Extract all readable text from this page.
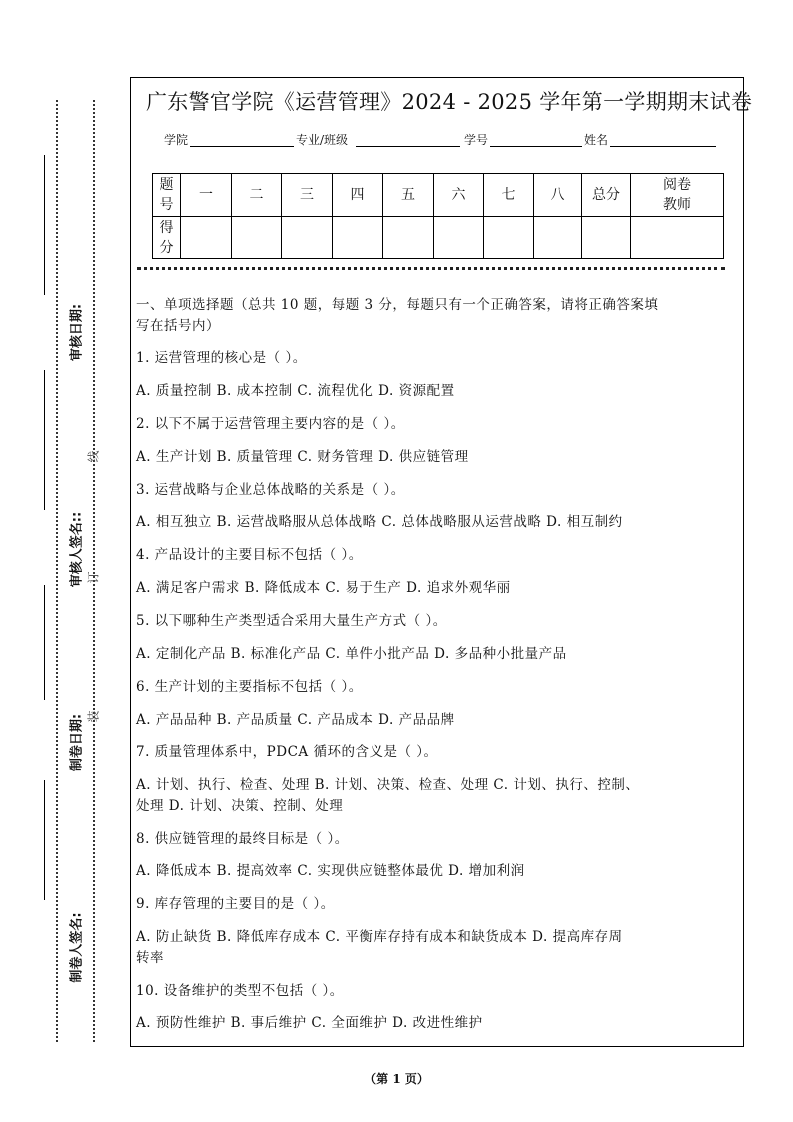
审核日期:
审核人签名::
制卷日期:
制卷人签名:
线
订
装
广东警官学院《运营管理》2024 - 2025 学年第一学期期末试卷
学院	专业/班级	学号	姓名
题号	一	二	三	四	五	六	七	八	总分	阅卷教师
得分										
一、单项选择题（总共 10 题，每题 3 分，每题只有一个正确答案，请将正确答案填
写在括号内）
1. 运营管理的核心是（ ）。
A. 质量控制 B. 成本控制 C. 流程优化 D. 资源配置
2. 以下不属于运营管理主要内容的是（ ）。
A. 生产计划 B. 质量管理 C. 财务管理 D. 供应链管理
3. 运营战略与企业总体战略的关系是（ ）。
A. 相互独立 B. 运营战略服从总体战略 C. 总体战略服从运营战略 D. 相互制约
4. 产品设计的主要目标不包括（ ）。
A. 满足客户需求 B. 降低成本 C. 易于生产 D. 追求外观华丽
5. 以下哪种生产类型适合采用大量生产方式（ ）。
A. 定制化产品 B. 标准化产品 C. 单件小批产品 D. 多品种小批量产品
6. 生产计划的主要指标不包括（ ）。
A. 产品品种 B. 产品质量 C. 产品成本 D. 产品品牌
7. 质量管理体系中，PDCA 循环的含义是（ ）。
A. 计划、执行、检查、处理 B. 计划、决策、检查、处理 C. 计划、执行、控制、
处理 D. 计划、决策、控制、处理
8. 供应链管理的最终目标是（ ）。
A. 降低成本 B. 提高效率 C. 实现供应链整体最优 D. 增加利润
9. 库存管理的主要目的是（ ）。
A. 防止缺货 B. 降低库存成本 C. 平衡库存持有成本和缺货成本 D. 提高库存周
转率
10. 设备维护的类型不包括（ ）。
A. 预防性维护 B. 事后维护 C. 全面维护 D. 改进性维护
（第 1 页）
